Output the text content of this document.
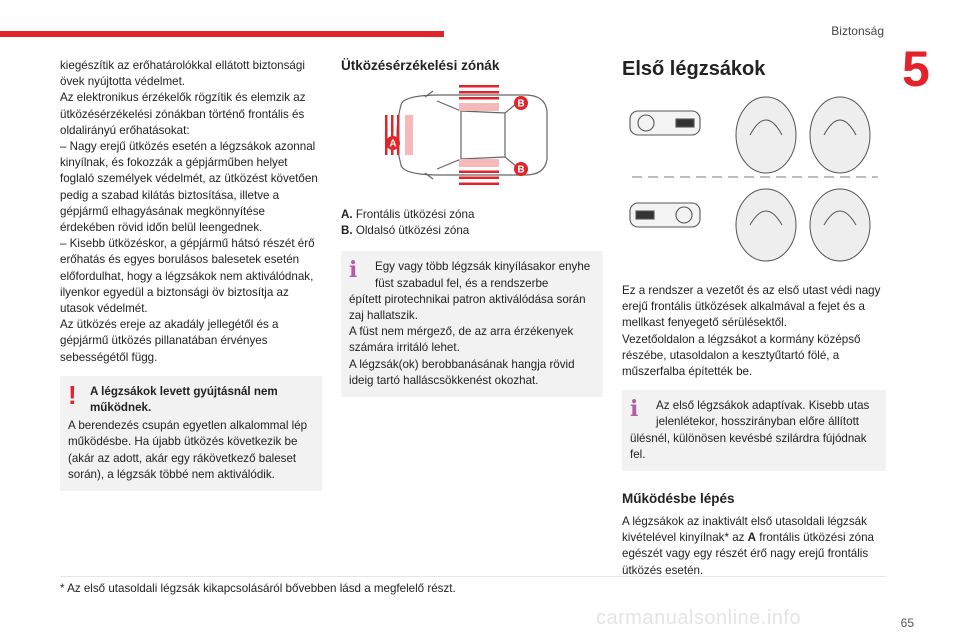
Biztonság
5

kiegészítik az erőhatárolókkal ellátott biztonsági övek nyújtotta védelmet.
Az elektronikus érzékelők rögzítik és elemzik az ütközésérzékelési zónákban történő frontális és oldalirányú erőhatásokat:
– Nagy erejű ütközés esetén a légzsákok azonnal kinyílnak, és fokozzák a gépjárműben helyet foglaló személyek védelmét, az ütközést követően pedig a szabad kilátás biztosítása, illetve a gépjármű elhagyásának megkönnyítése érdekében rövid időn belül leengednek.
– Kisebb ütközéskor, a gépjármű hátsó részét érő erőhatás és egyes borulásos balesetek esetén előfordulhat, hogy a légzsákok nem aktiválódnak, ilyenkor egyedül a biztonsági öv biztosítja az utasok védelmét.
Az ütközés ereje az akadály jellegétől és a gépjármű ütközés pillanatában érvényes sebességétől függ.

!	A légzsákok levett gyújtásnál nem működnek.
A berendezés csupán egyetlen alkalommal lép működésbe. Ha újabb ütközés következik be (akár az adott, akár egy rákövetkező baleset során), a légzsák többé nem aktiválódik.
Ütközésérzékelési zónák
A
B
B
A. Frontális ütközési zóna
B. Oldalsó ütközési zóna
i	Egy vagy több légzsák kinyílásakor enyhe füst szabadul fel, és a rendszerbe

épített pirotechnikai patron aktiválódása során zaj hallatszik.
A füst nem mérgező, de az arra érzékenyek számára irritáló lehet.
A légzsák(ok) berobbanásának hangja rövid ideig tartó halláscsökkenést okozhat.

Első légzsákok

Ez a rendszer a vezetőt és az első utast védi nagy erejű frontális ütközések alkalmával a fejet és a mellkast fenyegető sérülésektől.
Vezetőoldalon a légzsákot a kormány középső részébe, utasoldalon a kesztyűtartó fölé, a műszerfalba építették be.

i	Az első légzsákok adaptívak. Kisebb utas jelenlétekor, hosszirányban előre állított

ülésnél, különösen kevésbé szilárdra fújódnak fel.

Működésbe lépés

A légzsákok az inaktivált első utasoldali légzsák kivételével kinyílnak* az A frontális ütközési zóna egészét vagy egy részét érő nagy erejű frontális ütközés esetén.

* Az első utasoldali légzsák kikapcsolásáról bővebben lásd a megfelelő részt.
carmanualsonline.info	65
